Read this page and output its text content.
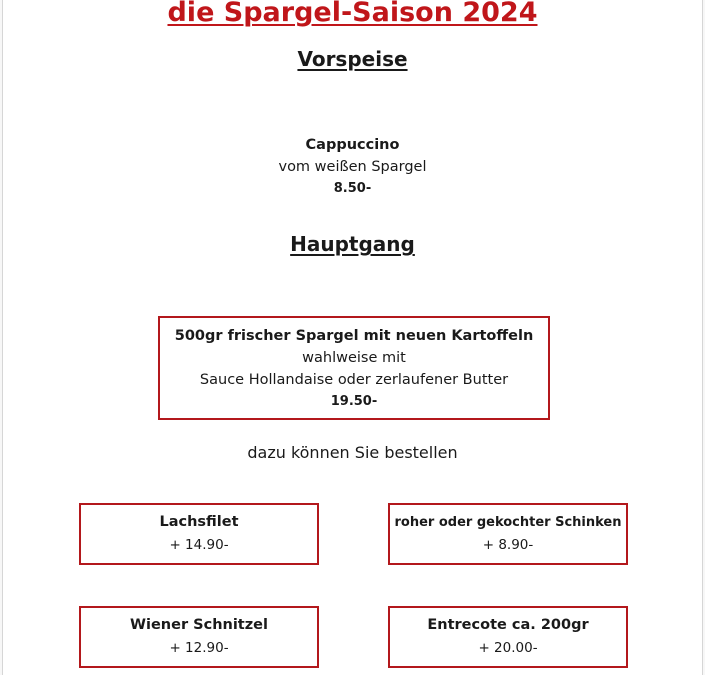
die Spargel-Saison 2024
Vorspeise
Cappuccino
vom weißen Spargel
8.50-
Hauptgang
500gr frischer Spargel mit neuen Kartoffeln
wahlweise mit
Sauce Hollandaise oder zerlaufener Butter
19.50-
dazu können Sie bestellen
Lachsfilet
+ 14.90-
roher oder gekochter Schinken
+ 8.90-
Wiener Schnitzel
+ 12.90-
Entrecote ca. 200gr
+ 20.00-
